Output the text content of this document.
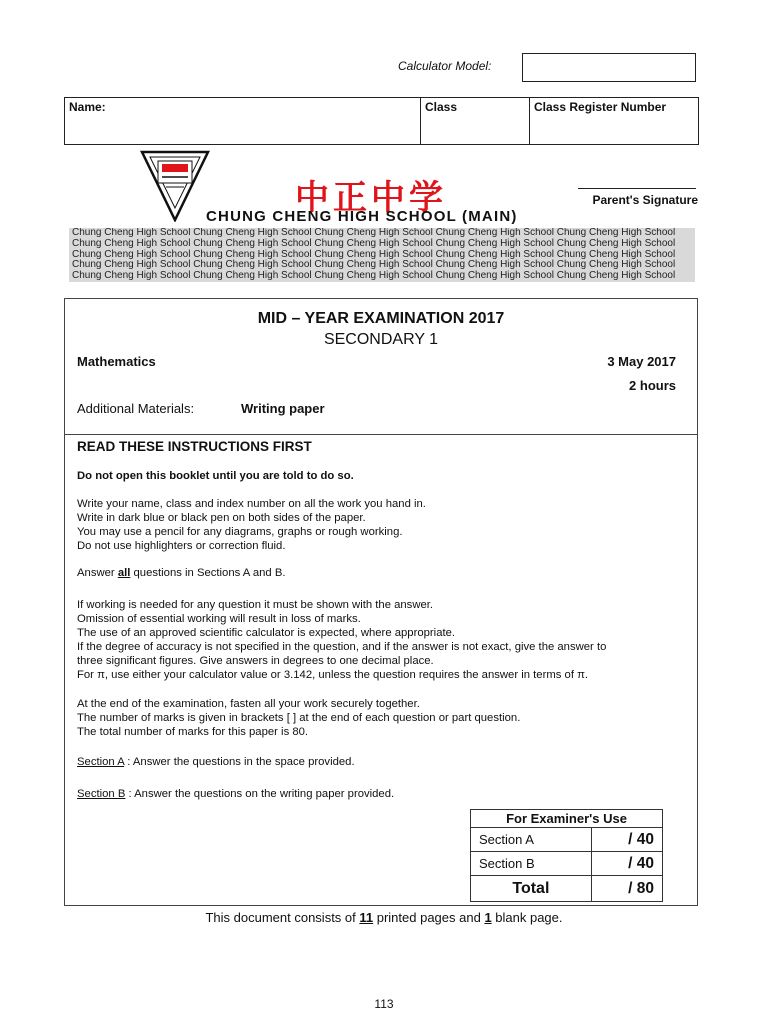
Calculator Model:
Name:	Class	Class Register Number
中正中学
CHUNG CHENG HIGH SCHOOL (MAIN)
Parent's Signature
Chung Cheng High School Chung Cheng High School Chung Cheng High School Chung Cheng High School Chung Cheng High School
Chung Cheng High School Chung Cheng High School Chung Cheng High School Chung Cheng High School Chung Cheng High School
Chung Cheng High School Chung Cheng High School Chung Cheng High School Chung Cheng High School Chung Cheng High School
Chung Cheng High School Chung Cheng High School Chung Cheng High School Chung Cheng High School Chung Cheng High School
Chung Cheng High School Chung Cheng High School Chung Cheng High School Chung Cheng High School Chung Cheng High School
MID – YEAR EXAMINATION 2017
SECONDARY 1
Mathematics	3 May 2017
2 hours
Additional Materials:	Writing paper
READ THESE INSTRUCTIONS FIRST
Do not open this booklet until you are told to do so.

Write your name, class and index number on all the work you hand in.

Write in dark blue or black pen on both sides of the paper.

You may use a pencil for any diagrams, graphs or rough working.

Do not use highlighters or correction fluid.

Answer all questions in Sections A and B.

If working is needed for any question it must be shown with the answer.

Omission of essential working will result in loss of marks.

The use of an approved scientific calculator is expected, where appropriate.

If the degree of accuracy is not specified in the question, and if the answer is not exact, give the answer to

three significant figures. Give answers in degrees to one decimal place.

For π, use either your calculator value or 3.142, unless the question requires the answer in terms of π.

At the end of the examination, fasten all your work securely together.

The number of marks is given in brackets [ ] at the end of each question or part question.

The total number of marks for this paper is 80.

Section A : Answer the questions in the space provided.
Section B : Answer the questions on the writing paper provided.
For Examiner's Use	
Section A	/ 40
Section B	/ 40
Total	/ 80
This document consists of 11 printed pages and 1 blank page.
113
